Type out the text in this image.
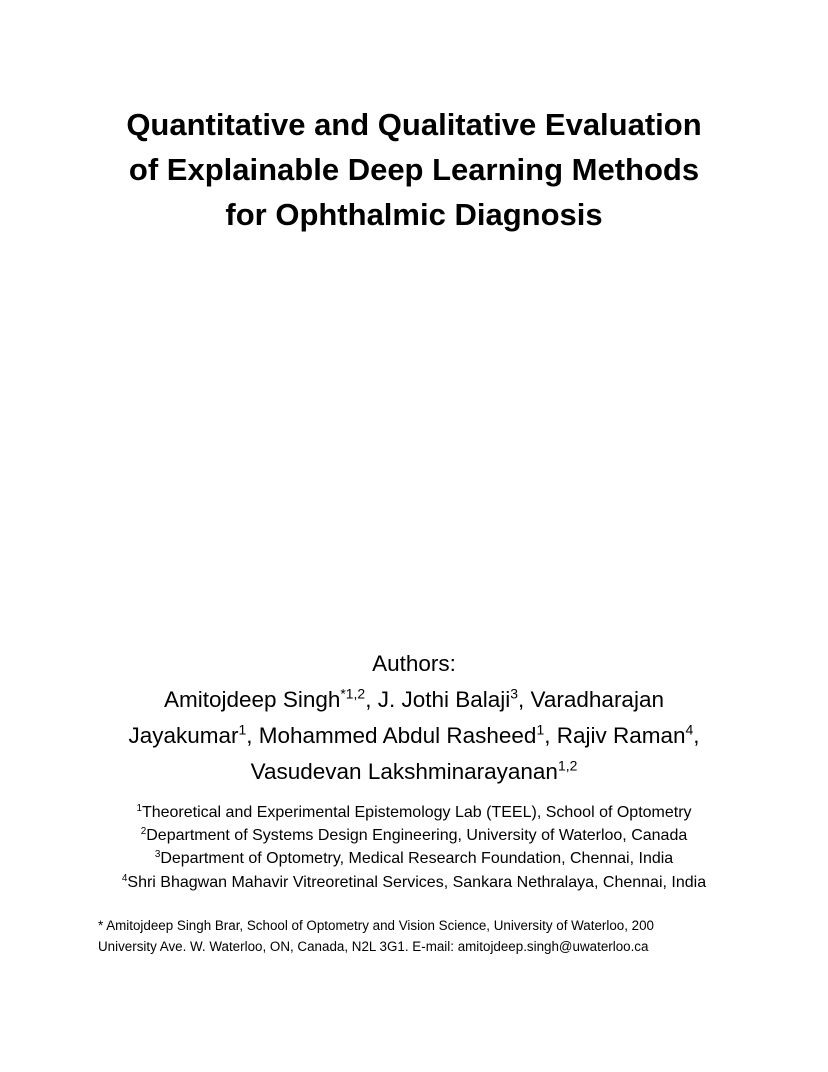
Quantitative and Qualitative Evaluation
of Explainable Deep Learning Methods
for Ophthalmic Diagnosis
Authors:
Amitojdeep Singh$^{*1,2}$, J. Jothi Balaji$^3$, Varadharajan
Jayakumar$^1$, Mohammed Abdul Rasheed$^1$, Rajiv Raman$^4$,
Vasudevan Lakshminarayanan$^{1,2}$
$^1$Theoretical and Experimental Epistemology Lab (TEEL), School of Optometry
$^2$Department of Systems Design Engineering, University of Waterloo, Canada
$^3$Department of Optometry, Medical Research Foundation, Chennai, India
$^4$Shri Bhagwan Mahavir Vitreoretinal Services, Sankara Nethralaya, Chennai, India
* Amitojdeep Singh Brar, School of Optometry and Vision Science, University of Waterloo, 200
University Ave. W. Waterloo, ON, Canada, N2L 3G1. E-mail: amitojdeep.singh@uwaterloo.ca
